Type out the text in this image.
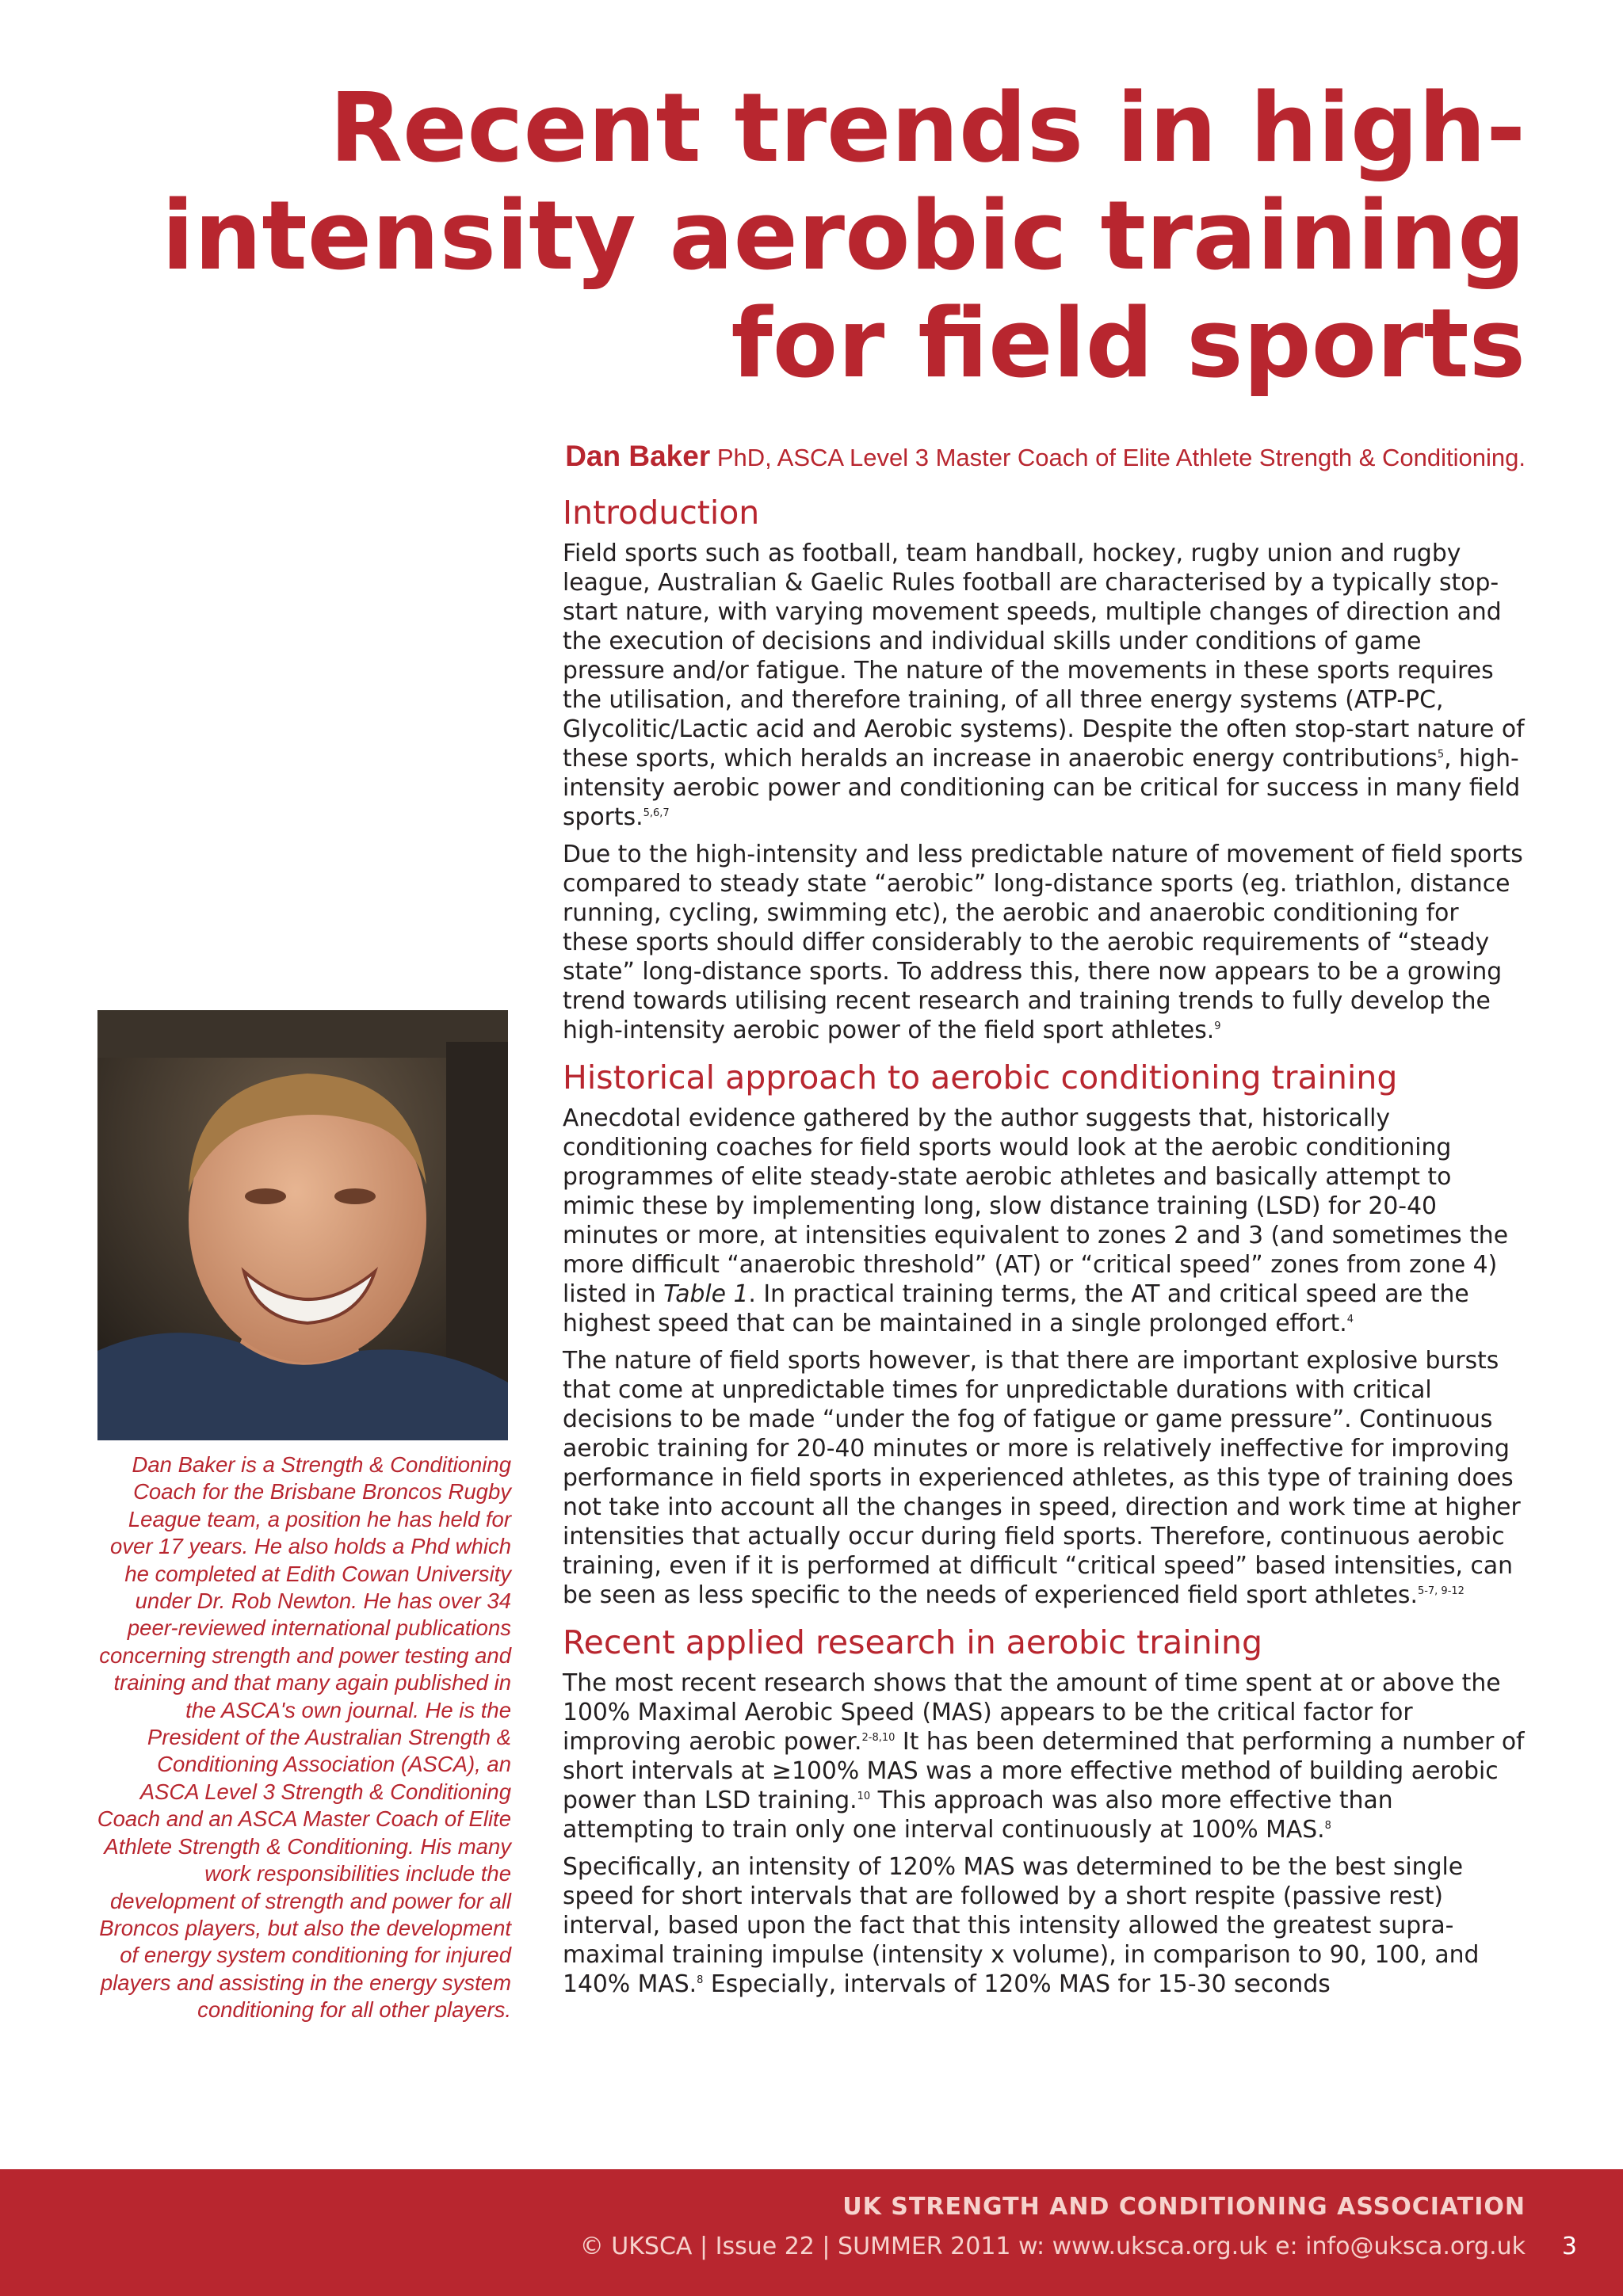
Recent trends in high-
intensity aerobic training
for field sports
Dan Baker PhD, ASCA Level 3 Master Coach of Elite Athlete Strength & Conditioning.
Introduction

Field sports such as football, team handball, hockey, rugby union and rugby league, Australian & Gaelic Rules football are characterised by a typically stop-start nature, with varying movement speeds, multiple changes of direction and the execution of decisions and individual skills under conditions of game pressure and/or fatigue. The nature of the movements in these sports requires the utilisation, and therefore training, of all three energy systems (ATP-PC, Glycolitic/Lactic acid and Aerobic systems). Despite the often stop-start nature of these sports, which heralds an increase in anaerobic energy contributions$^5$, high-intensity aerobic power and conditioning can be critical for success in many field sports.$^{5,6,7}$

Due to the high-intensity and less predictable nature of movement of field sports compared to steady state “aerobic” long-distance sports (eg. triathlon, distance running, cycling, swimming etc), the aerobic and anaerobic conditioning for these sports should differ considerably to the aerobic requirements of “steady state” long-distance sports. To address this, there now appears to be a growing trend towards utilising recent research and training trends to fully develop the high-intensity aerobic power of the field sport athletes.$^9$

Historical approach to aerobic conditioning training

Anecdotal evidence gathered by the author suggests that, historically conditioning coaches for field sports would look at the aerobic conditioning programmes of elite steady-state aerobic athletes and basically attempt to mimic these by implementing long, slow distance training (LSD) for 20-40 minutes or more, at intensities equivalent to zones 2 and 3 (and sometimes the more difficult “anaerobic threshold” (AT) or “critical speed” zones from zone 4) listed in Table 1. In practical training terms, the AT and critical speed are the highest speed that can be maintained in a single prolonged effort.$^4$

The nature of field sports however, is that there are important explosive bursts that come at unpredictable times for unpredictable durations with critical decisions to be made “under the fog of fatigue or game pressure”. Continuous aerobic training for 20-40 minutes or more is relatively ineffective for improving performance in field sports in experienced athletes, as this type of training does not take into account all the changes in speed, direction and work time at higher intensities that actually occur during field sports. Therefore, continuous aerobic training, even if it is performed at difficult “critical speed” based intensities, can be seen as less specific to the needs of experienced field sport athletes.$^{5-7, 9-12}$

Recent applied research in aerobic training

The most recent research shows that the amount of time spent at or above the 100% Maximal Aerobic Speed (MAS) appears to be the critical factor for improving aerobic power.$^{2-8,10}$ It has been determined that performing a number of short intervals at ≥100% MAS was a more effective method of building aerobic power than LSD training.$^{10}$ This approach was also more effective than attempting to train only one interval continuously at 100% MAS.$^8$

Specifically, an intensity of 120% MAS was determined to be the best single speed for short intervals that are followed by a short respite (passive rest) interval, based upon the fact that this intensity allowed the greatest supra-maximal training impulse (intensity x volume), in comparison to 90, 100, and 140% MAS.$^8$ Especially, intervals of 120% MAS for 15-30 seconds

Dan Baker is a Strength & Conditioning Coach for the Brisbane Broncos Rugby League team, a position he has held for over 17 years. He also holds a Phd which he completed at Edith Cowan University under Dr. Rob Newton. He has over 34 peer-reviewed international publications concerning strength and power testing and training and that many again published in the ASCA's own journal. He is the President of the Australian Strength & Conditioning Association (ASCA), an ASCA Level 3 Strength & Conditioning Coach and an ASCA Master Coach of Elite Athlete Strength & Conditioning. His many work responsibilities include the development of strength and power for all Broncos players, but also the development of energy system conditioning for injured players and assisting in the energy system conditioning for all other players.
UK STRENGTH AND CONDITIONING ASSOCIATION
© UKSCA | Issue 22 | SUMMER 2011 w: www.uksca.org.uk e: info@uksca.org.uk 3
